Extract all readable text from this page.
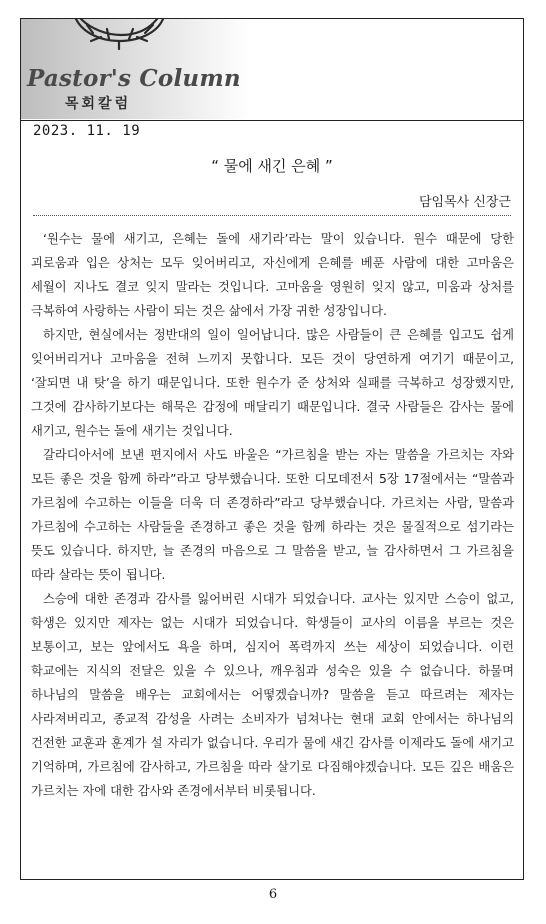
Pastor's Column
목회칼럼
2023. 11. 19
“ 물에 새긴 은혜 ”
담임목사 신장근

‘원수는 물에 새기고, 은혜는 돌에 새기라’라는 말이 있습니다. 원수 때문에 당한 괴로움과 입은 상처는 모두 잊어버리고, 자신에게 은혜를 베푼 사람에 대한 고마움은 세월이 지나도 결코 잊지 말라는 것입니다. 고마움을 영원히 잊지 않고, 미움과 상처를 극복하여 사랑하는 사람이 되는 것은 삶에서 가장 귀한 성장입니다.

하지만, 현실에서는 정반대의 일이 일어납니다. 많은 사람들이 큰 은혜를 입고도 쉽게 잊어버리거나 고마움을 전혀 느끼지 못합니다. 모든 것이 당연하게 여기기 때문이고, ‘잘되면 내 탓’을 하기 때문입니다. 또한 원수가 준 상처와 실패를 극복하고 성장했지만, 그것에 감사하기보다는 해묵은 감정에 매달리기 때문입니다. 결국 사람들은 감사는 물에 새기고, 원수는 돌에 새기는 것입니다.

갈라디아서에 보낸 편지에서 사도 바울은 “가르침을 받는 자는 말씀을 가르치는 자와 모든 좋은 것을 함께 하라”라고 당부했습니다. 또한 디모데전서 5장 17절에서는 “말씀과 가르침에 수고하는 이들을 더욱 더 존경하라”라고 당부했습니다. 가르치는 사람, 말씀과 가르침에 수고하는 사람들을 존경하고 좋은 것을 함께 하라는 것은 물질적으로 섬기라는 뜻도 있습니다. 하지만, 늘 존경의 마음으로 그 말씀을 받고, 늘 감사하면서 그 가르침을 따라 살라는 뜻이 됩니다.

스승에 대한 존경과 감사를 잃어버린 시대가 되었습니다. 교사는 있지만 스승이 없고, 학생은 있지만 제자는 없는 시대가 되었습니다. 학생들이 교사의 이름을 부르는 것은 보통이고, 보는 앞에서도 욕을 하며, 심지어 폭력까지 쓰는 세상이 되었습니다. 이런 학교에는 지식의 전달은 있을 수 있으나, 깨우침과 성숙은 있을 수 없습니다. 하물며 하나님의 말씀을 배우는 교회에서는 어떻겠습니까? 말씀을 듣고 따르려는 제자는 사라져버리고, 종교적 감성을 사려는 소비자가 넘쳐나는 현대 교회 안에서는 하나님의 건전한 교훈과 훈계가 설 자리가 없습니다. 우리가 물에 새긴 감사를 이제라도 돌에 새기고 기억하며, 가르침에 감사하고, 가르침을 따라 살기로 다짐해야겠습니다. 모든 깊은 배움은 가르치는 자에 대한 감사와 존경에서부터 비롯됩니다.

6
